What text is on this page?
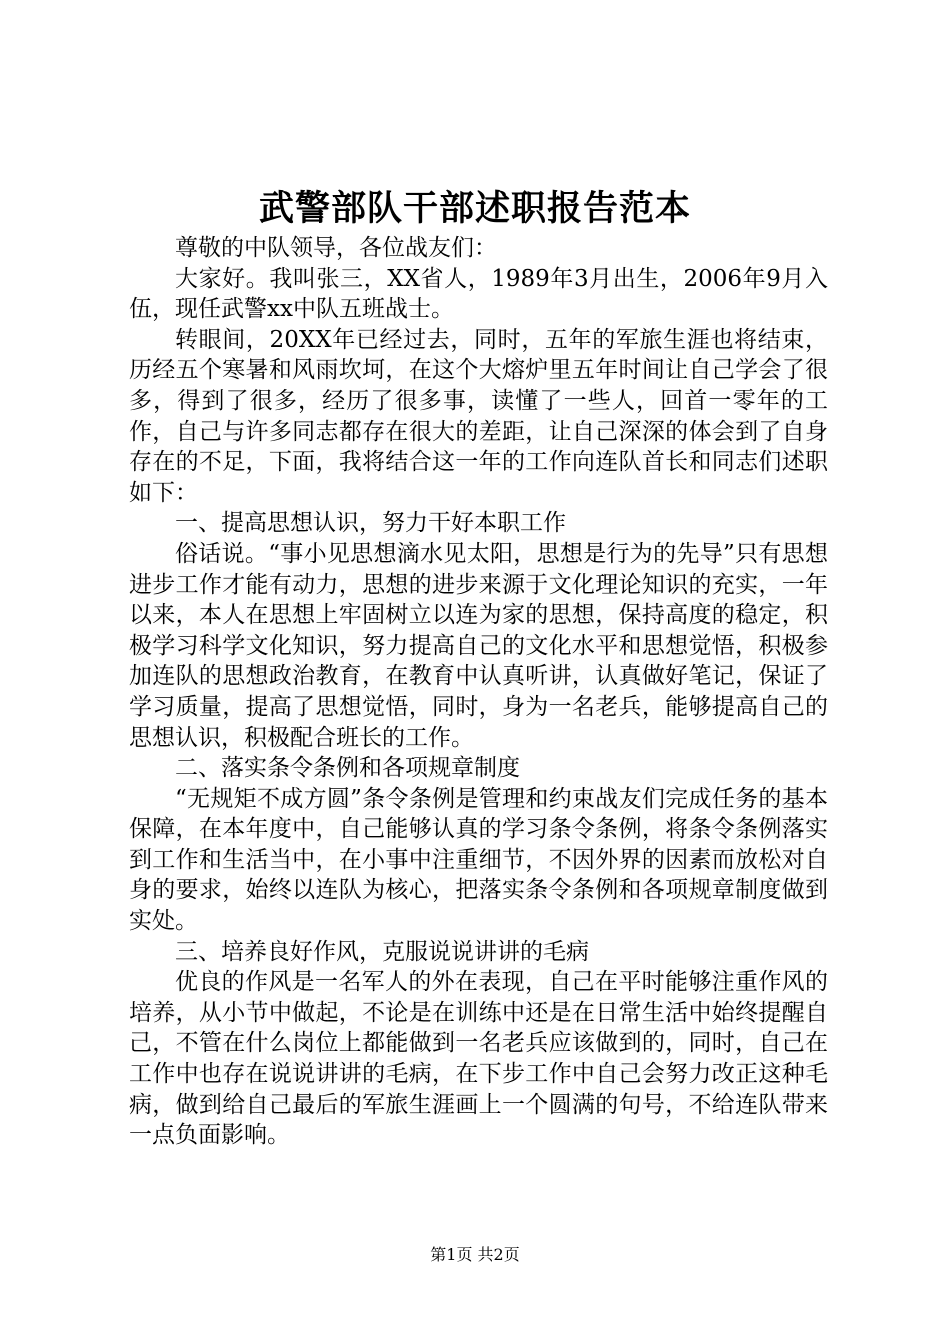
武警部队干部述职报告范本

尊敬的中队领导，各位战友们：

大家好。我叫张三，XX省人，1989年3月出生，2006年9月入伍，现任武警xx中队五班战士。

转眼间，20XX年已经过去，同时，五年的军旅生涯也将结束，历经五个寒暑和风雨坎坷，在这个大熔炉里五年时间让自己学会了很多，得到了很多，经历了很多事，读懂了一些人，回首一零年的工作，自己与许多同志都存在很大的差距，让自己深深的体会到了自身存在的不足，下面，我将结合这一年的工作向连队首长和同志们述职如下：

一、提高思想认识，努力干好本职工作

俗话说。“事小见思想滴水见太阳，思想是行为的先导”只有思想进步工作才能有动力，思想的进步来源于文化理论知识的充实，一年以来，本人在思想上牢固树立以连为家的思想，保持高度的稳定，积极学习科学文化知识，努力提高自己的文化水平和思想觉悟，积极参加连队的思想政治教育，在教育中认真听讲，认真做好笔记，保证了学习质量，提高了思想觉悟，同时，身为一名老兵，能够提高自己的思想认识，积极配合班长的工作。

二、落实条令条例和各项规章制度

“无规矩不成方圆”条令条例是管理和约束战友们完成任务的基本保障，在本年度中，自己能够认真的学习条令条例，将条令条例落实到工作和生活当中，在小事中注重细节，不因外界的因素而放松对自身的要求，始终以连队为核心，把落实条令条例和各项规章制度做到实处。

三、培养良好作风，克服说说讲讲的毛病

优良的作风是一名军人的外在表现，自己在平时能够注重作风的培养，从小节中做起，不论是在训练中还是在日常生活中始终提醒自己，不管在什么岗位上都能做到一名老兵应该做到的，同时，自己在工作中也存在说说讲讲的毛病，在下步工作中自己会努力改正这种毛病，做到给自己最后的军旅生涯画上一个圆满的句号，不给连队带来一点负面影响。

第1页 共2页
